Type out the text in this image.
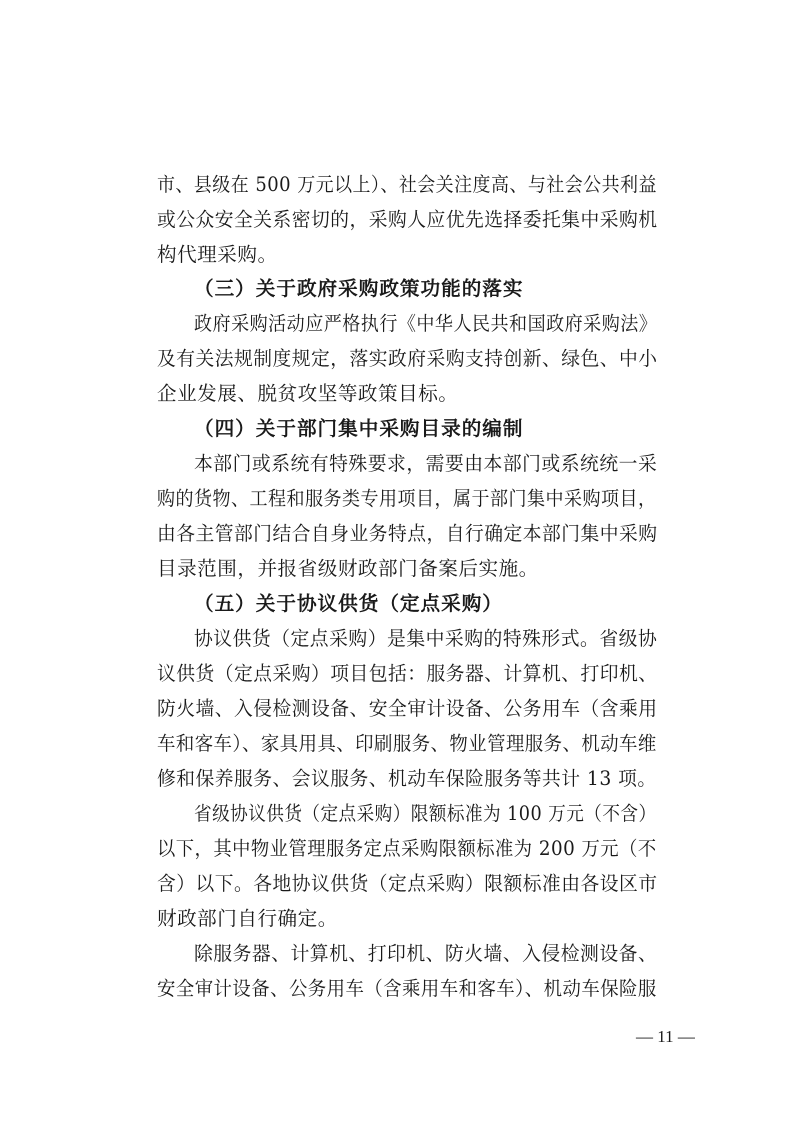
市、县级在 500 万元以上）、社会关注度高、与社会公共利益
或公众安全关系密切的，采购人应优先选择委托集中采购机
构代理采购。
（三）关于政府采购政策功能的落实
政府采购活动应严格执行《中华人民共和国政府采购法》
及有关法规制度规定，落实政府采购支持创新、绿色、中小
企业发展、脱贫攻坚等政策目标。
（四）关于部门集中采购目录的编制
本部门或系统有特殊要求，需要由本部门或系统统一采
购的货物、工程和服务类专用项目，属于部门集中采购项目，
由各主管部门结合自身业务特点，自行确定本部门集中采购
目录范围，并报省级财政部门备案后实施。
（五）关于协议供货（定点采购）
协议供货（定点采购）是集中采购的特殊形式。省级协
议供货（定点采购）项目包括：服务器、计算机、打印机、
防火墙、入侵检测设备、安全审计设备、公务用车（含乘用
车和客车）、家具用具、印刷服务、物业管理服务、机动车维
修和保养服务、会议服务、机动车保险服务等共计 13 项。
省级协议供货（定点采购）限额标准为 100 万元（不含）
以下，其中物业管理服务定点采购限额标准为 200 万元（不
含）以下。各地协议供货（定点采购）限额标准由各设区市
财政部门自行确定。
除服务器、计算机、打印机、防火墙、入侵检测设备、
安全审计设备、公务用车（含乘用车和客车）、机动车保险服
— 11 —
